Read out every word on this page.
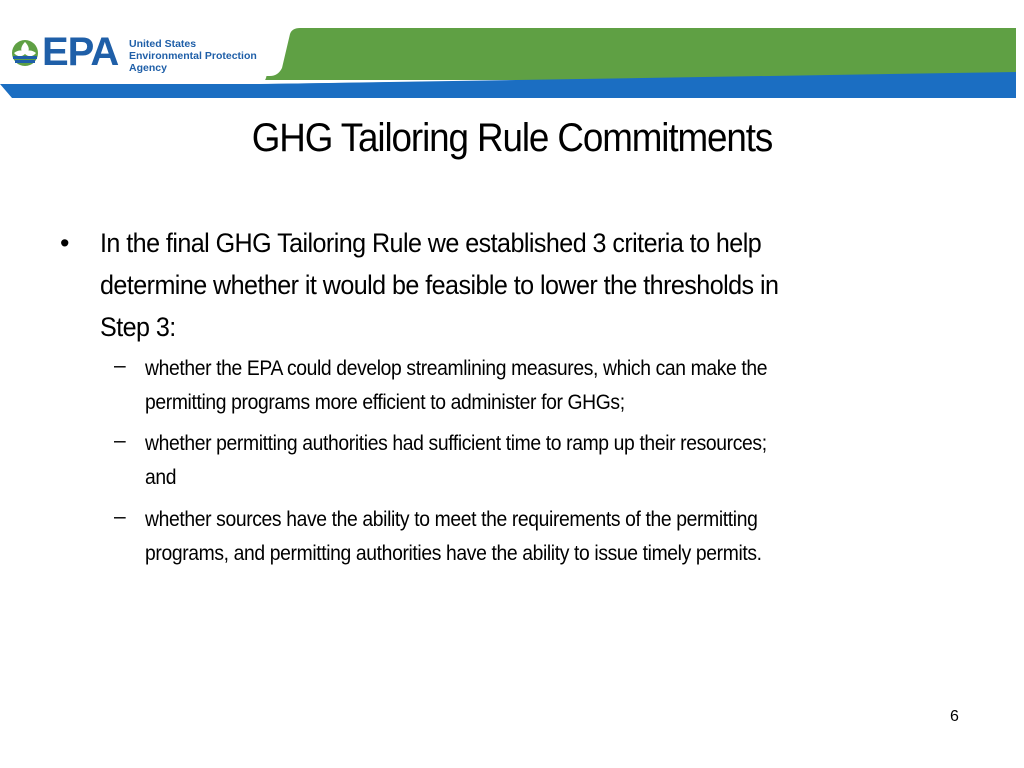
EPA United States
Environmental Protection
Agency
GHG Tailoring Rule Commitments
• In the final GHG Tailoring Rule we established 3 criteria to help
determine whether it would be feasible to lower the thresholds in
Step 3:
– whether the EPA could develop streamlining measures, which can make the
permitting programs more efficient to administer for GHGs;
– whether permitting authorities had sufficient time to ramp up their resources;
and
– whether sources have the ability to meet the requirements of the permitting
programs, and permitting authorities have the ability to issue timely permits.
6
